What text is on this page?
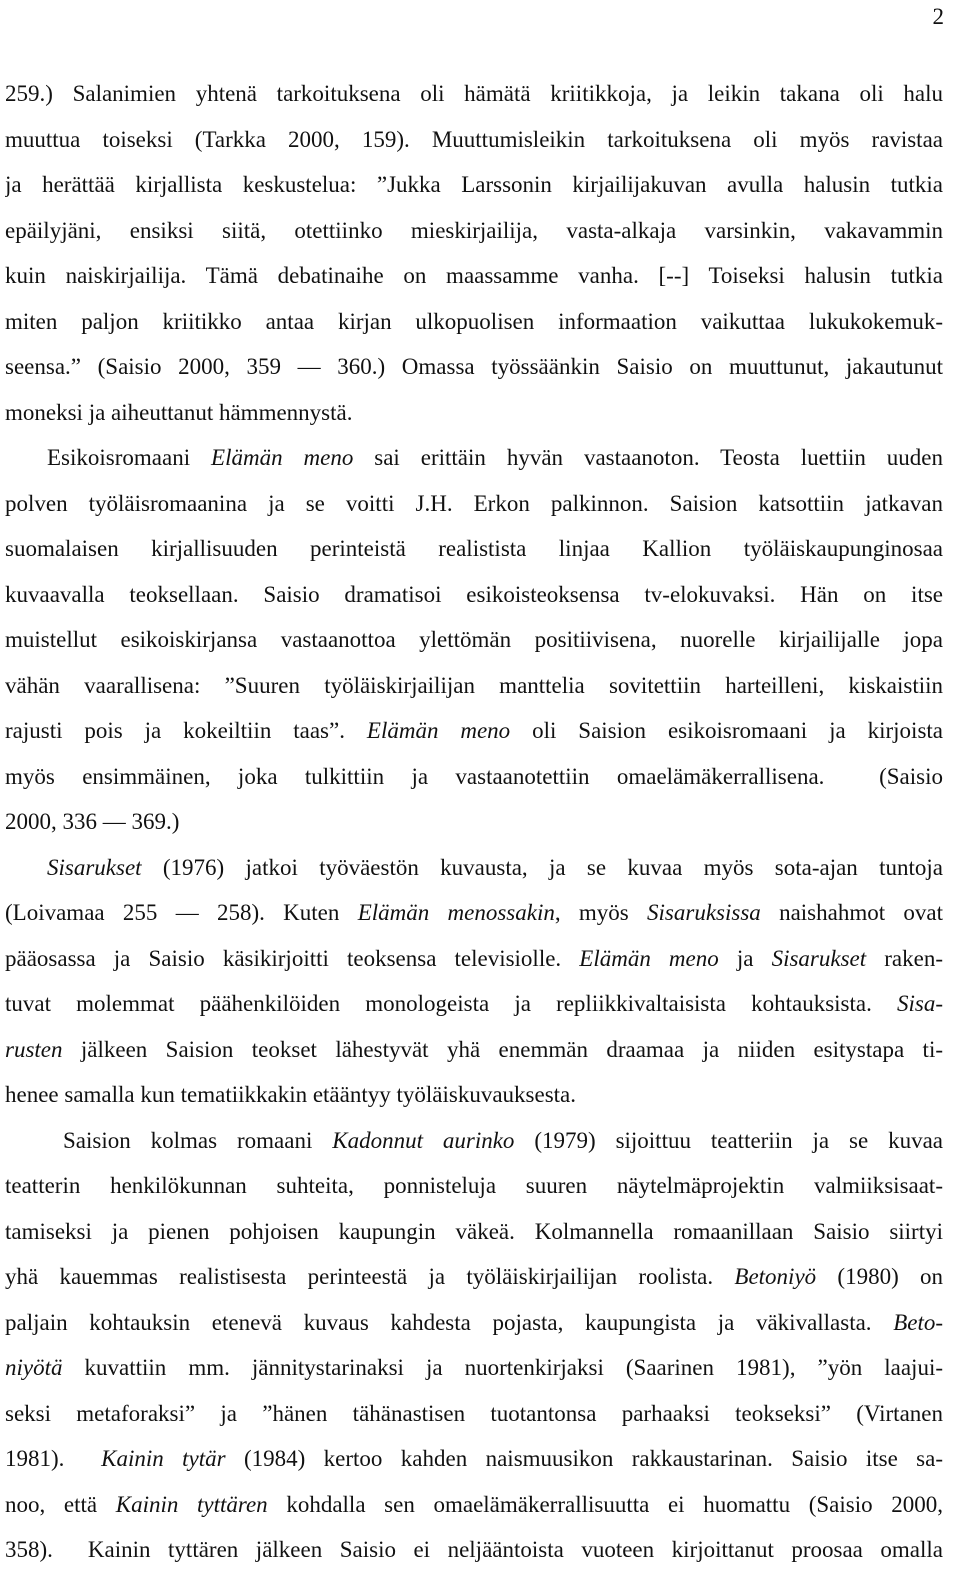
2
259.) Salanimien yhtenä tarkoituksena oli hämätä kriitikkoja, ja leikin takana oli halu
muuttua toiseksi (Tarkka 2000, 159). Muuttumisleikin tarkoituksena oli myös ravistaa
ja herättää kirjallista keskustelua: ”Jukka Larssonin kirjailijakuvan avulla halusin tutkia
epäilyjäni, ensiksi siitä, otettiinko mieskirjailija, vasta-alkaja varsinkin, vakavammin
kuin naiskirjailija. Tämä debatinaihe on maassamme vanha. [--] Toiseksi halusin tutkia
miten paljon kriitikko antaa kirjan ulkopuolisen informaation vaikuttaa lukukokemuk-
seensa.” (Saisio 2000, 359 — 360.) Omassa työssäänkin Saisio on muuttunut, jakautunut
moneksi ja aiheuttanut hämmennystä.
Esikoisromaani Elämän meno sai erittäin hyvän vastaanoton. Teosta luettiin uuden
polven työläisromaanina ja se voitti J.H. Erkon palkinnon. Saision katsottiin jatkavan
suomalaisen kirjallisuuden perinteistä realistista linjaa Kallion työläiskaupunginosaa
kuvaavalla teoksellaan. Saisio dramatisoi esikoisteoksensa tv-elokuvaksi. Hän on itse
muistellut esikoiskirjansa vastaanottoa ylettömän positiivisena, nuorelle kirjailijalle jopa
vähän vaarallisena: ”Suuren työläiskirjailijan manttelia sovitettiin harteilleni, kiskaistiin
rajusti pois ja kokeiltiin taas”. Elämän meno oli Saision esikoisromaani ja kirjoista
myös ensimmäinen, joka tulkittiin ja vastaanotettiin omaelämäkerrallisena.  (Saisio
2000, 336 — 369.)
Sisarukset (1976) jatkoi työväestön kuvausta, ja se kuvaa myös sota-ajan tuntoja
(Loivamaa 255 — 258). Kuten Elämän menossakin, myös Sisaruksissa naishahmot ovat
pääosassa ja Saisio käsikirjoitti teoksensa televisiolle. Elämän meno ja Sisarukset raken-
tuvat molemmat päähenkilöiden monologeista ja repliikkivaltaisista kohtauksista. Sisa-
rusten jälkeen Saision teokset lähestyvät yhä enemmän draamaa ja niiden esitystapa ti-
henee samalla kun tematiikkakin etääntyy työläiskuvauksesta.
Saision kolmas romaani Kadonnut aurinko (1979) sijoittuu teatteriin ja se kuvaa
teatterin henkilökunnan suhteita, ponnisteluja suuren näytelmäprojektin valmiiksisaat-
tamiseksi ja pienen pohjoisen kaupungin väkeä. Kolmannella romaanillaan Saisio siirtyi
yhä kauemmas realistisesta perinteestä ja työläiskirjailijan roolista. Betoniyö (1980) on
paljain kohtauksin etenevä kuvaus kahdesta pojasta, kaupungista ja väkivallasta. Beto-
niyötä kuvattiin mm. jännitystarinaksi ja nuortenkirjaksi (Saarinen 1981), ”yön laajui-
seksi metaforaksi” ja ”hänen tähänastisen tuotantonsa parhaaksi teokseksi” (Virtanen
1981).  Kainin tytär (1984) kertoo kahden naismuusikon rakkaustarinan. Saisio itse sa-
noo, että Kainin tyttären kohdalla sen omaelämäkerrallisuutta ei huomattu (Saisio 2000,
358).  Kainin tyttären jälkeen Saisio ei neljääntoista vuoteen kirjoittanut proosaa omalla
